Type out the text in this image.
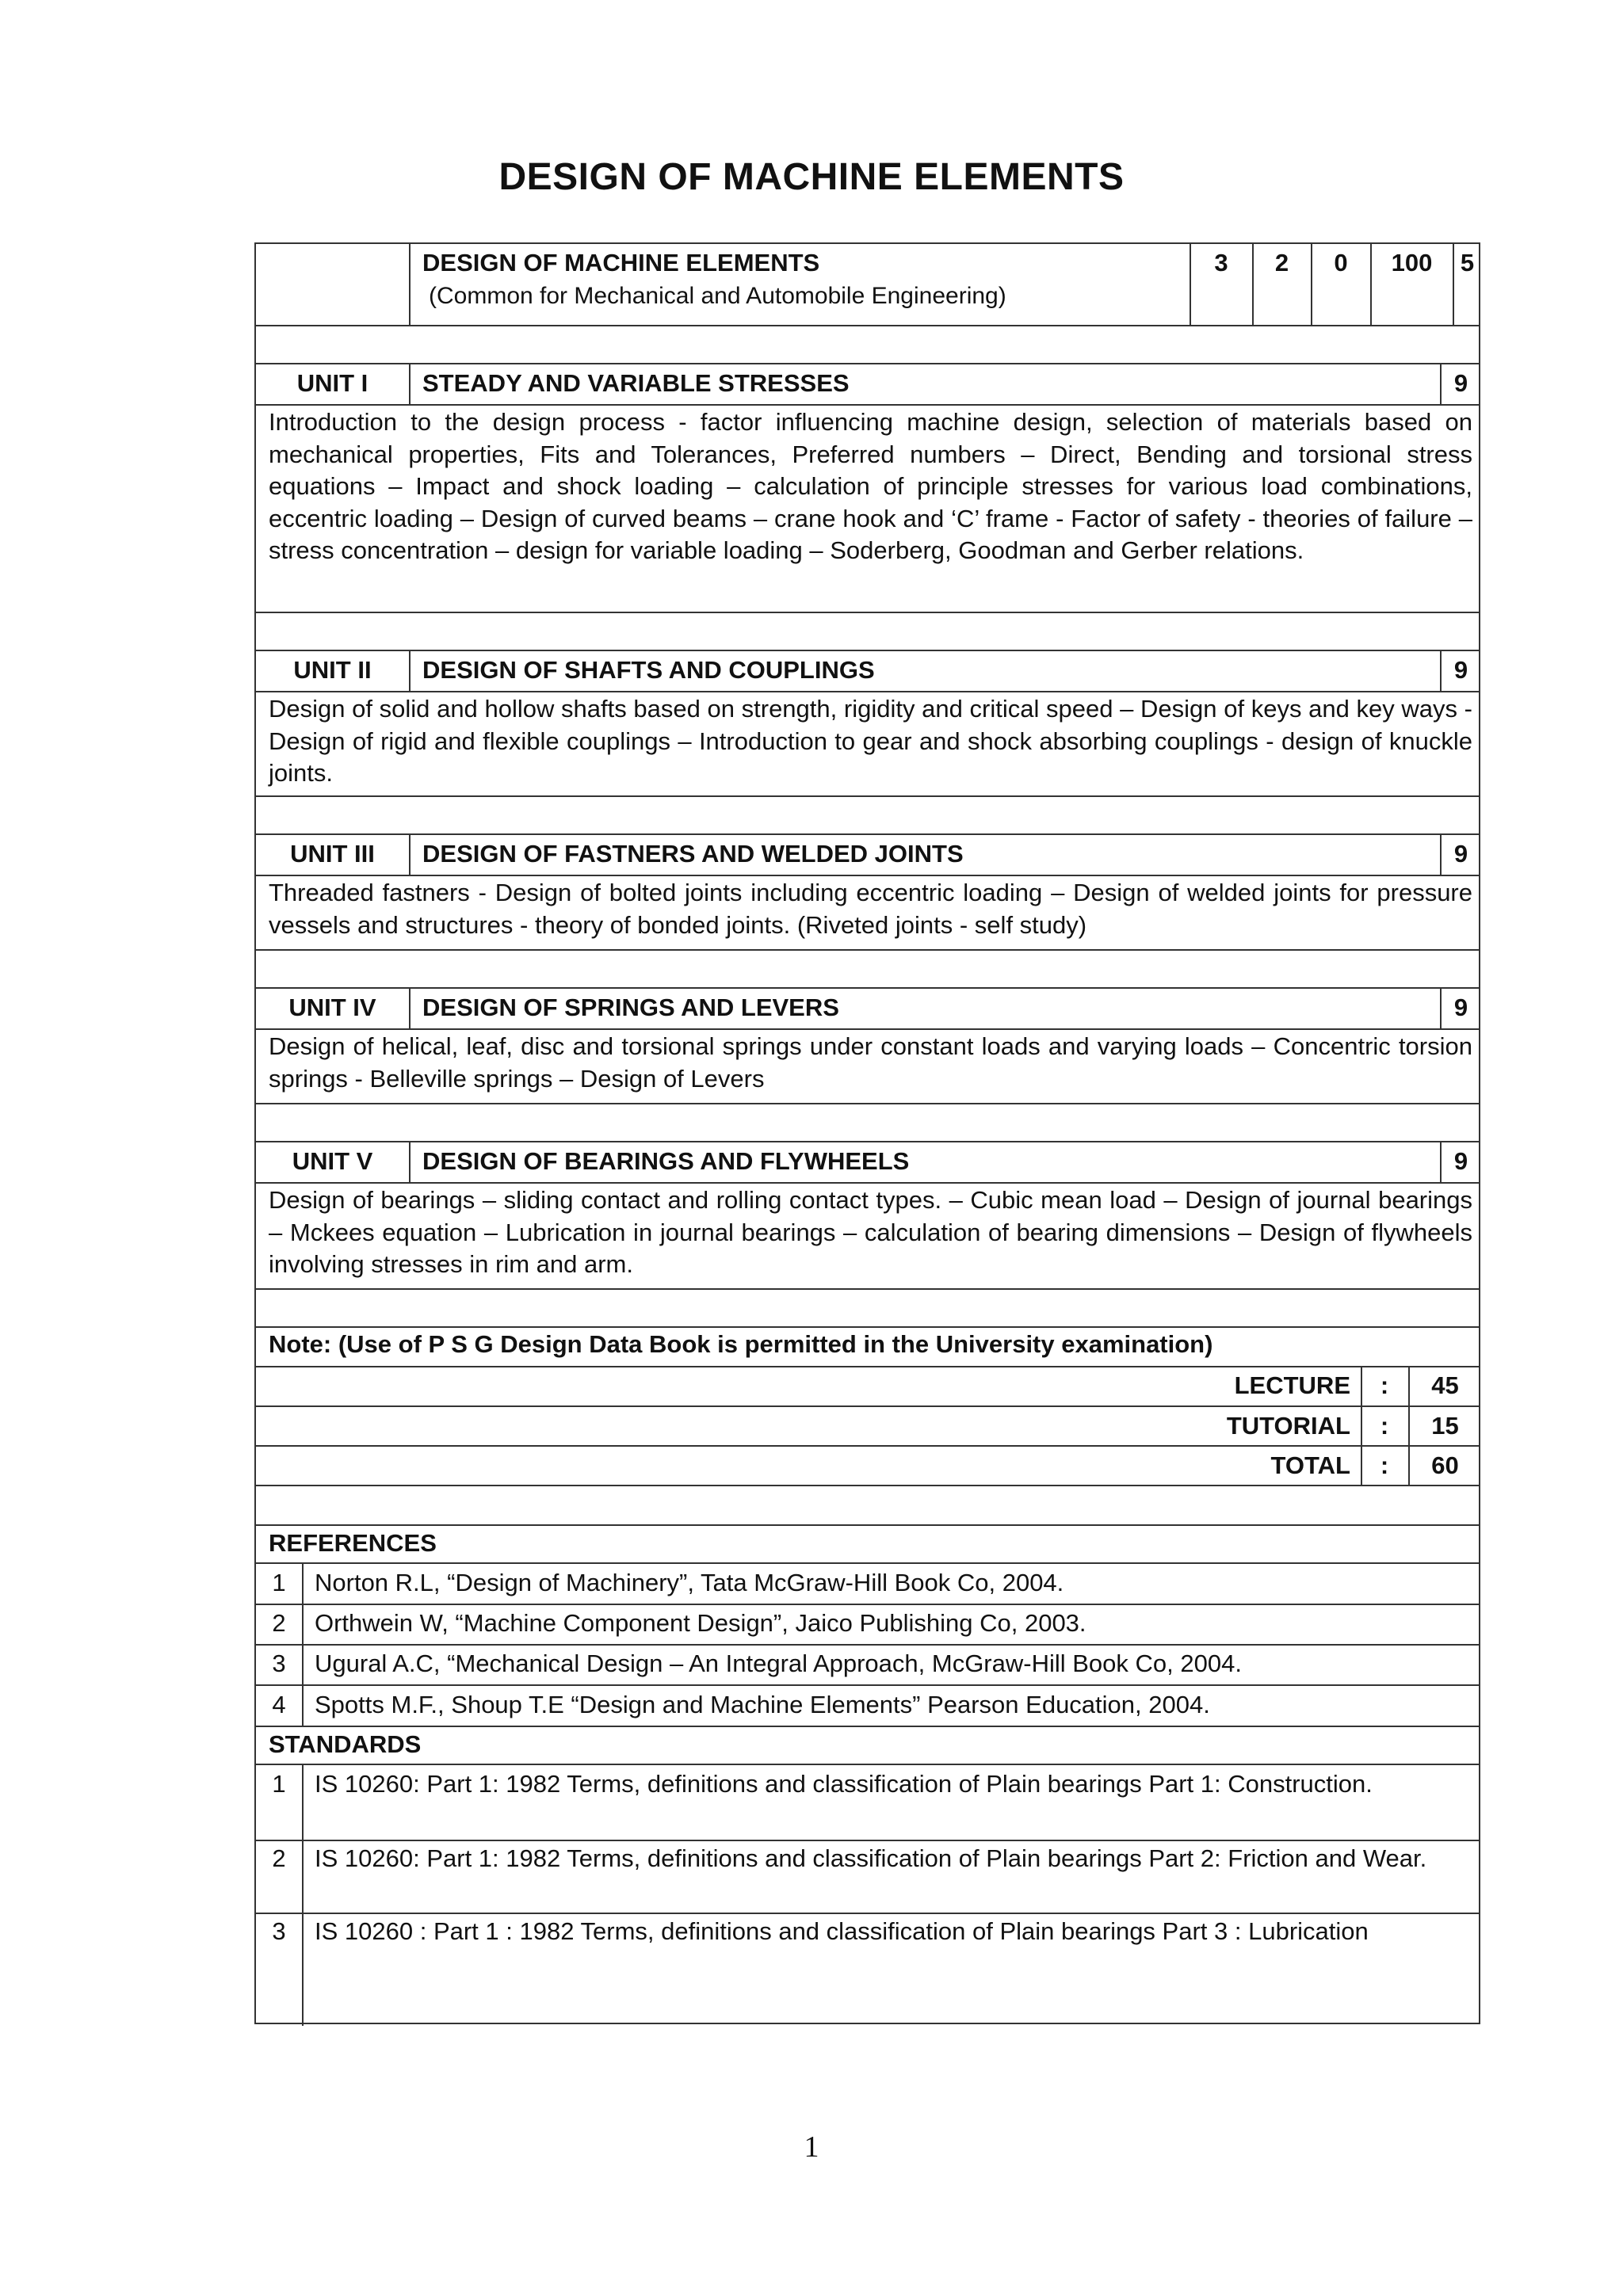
DESIGN OF MACHINE ELEMENTS
DESIGN OF MACHINE ELEMENTS
(Common for Mechanical and Automobile Engineering)
3	2	0	100	5
UNIT I	STEADY AND VARIABLE STRESSES	9
Introduction to the design process - factor influencing machine design, selection of materials based on mechanical properties, Fits and Tolerances, Preferred numbers – Direct, Bending and torsional stress equations – Impact and shock loading – calculation of principle stresses for various load combinations, eccentric loading – Design of curved beams – crane hook and ‘C’ frame - Factor of safety - theories of failure – stress concentration – design for variable loading – Soderberg, Goodman and Gerber relations.
UNIT II	DESIGN OF SHAFTS AND COUPLINGS	9
Design of solid and hollow shafts based on strength, rigidity and critical speed – Design of keys and key ways - Design of rigid and flexible couplings – Introduction to gear and shock absorbing couplings - design of knuckle joints.
UNIT III	DESIGN OF FASTNERS AND WELDED JOINTS	9
Threaded fastners - Design of bolted joints including eccentric loading – Design of welded joints for pressure vessels and structures - theory of bonded joints. (Riveted joints - self study)
UNIT IV	DESIGN OF SPRINGS AND LEVERS	9
Design of helical, leaf, disc and torsional springs under constant loads and varying loads – Concentric torsion springs - Belleville springs – Design of Levers
UNIT V	DESIGN OF BEARINGS AND FLYWHEELS	9
Design of bearings – sliding contact and rolling contact types. – Cubic mean load – Design of journal bearings – Mckees equation – Lubrication in journal bearings – calculation of bearing dimensions – Design of flywheels involving stresses in rim and arm.
Note: (Use of P S G Design Data Book is permitted in the University examination)
LECTURE	:	45
TUTORIAL	:	15
TOTAL	:	60
REFERENCES
1	Norton R.L, “Design of Machinery”, Tata McGraw-Hill Book Co, 2004.
2	Orthwein W, “Machine Component Design”, Jaico Publishing Co, 2003.
3	Ugural A.C, “Mechanical Design – An Integral Approach, McGraw-Hill Book Co, 2004.
4	Spotts M.F., Shoup T.E “Design and Machine Elements” Pearson Education, 2004.
STANDARDS
1	IS 10260: Part 1: 1982 Terms, definitions and classification of Plain bearings Part 1: Construction.
2	IS 10260: Part 1: 1982 Terms, definitions and classification of Plain bearings Part 2: Friction and Wear.
3	IS 10260 : Part 1 : 1982 Terms, definitions and classification of Plain bearings Part 3 : Lubrication
1
